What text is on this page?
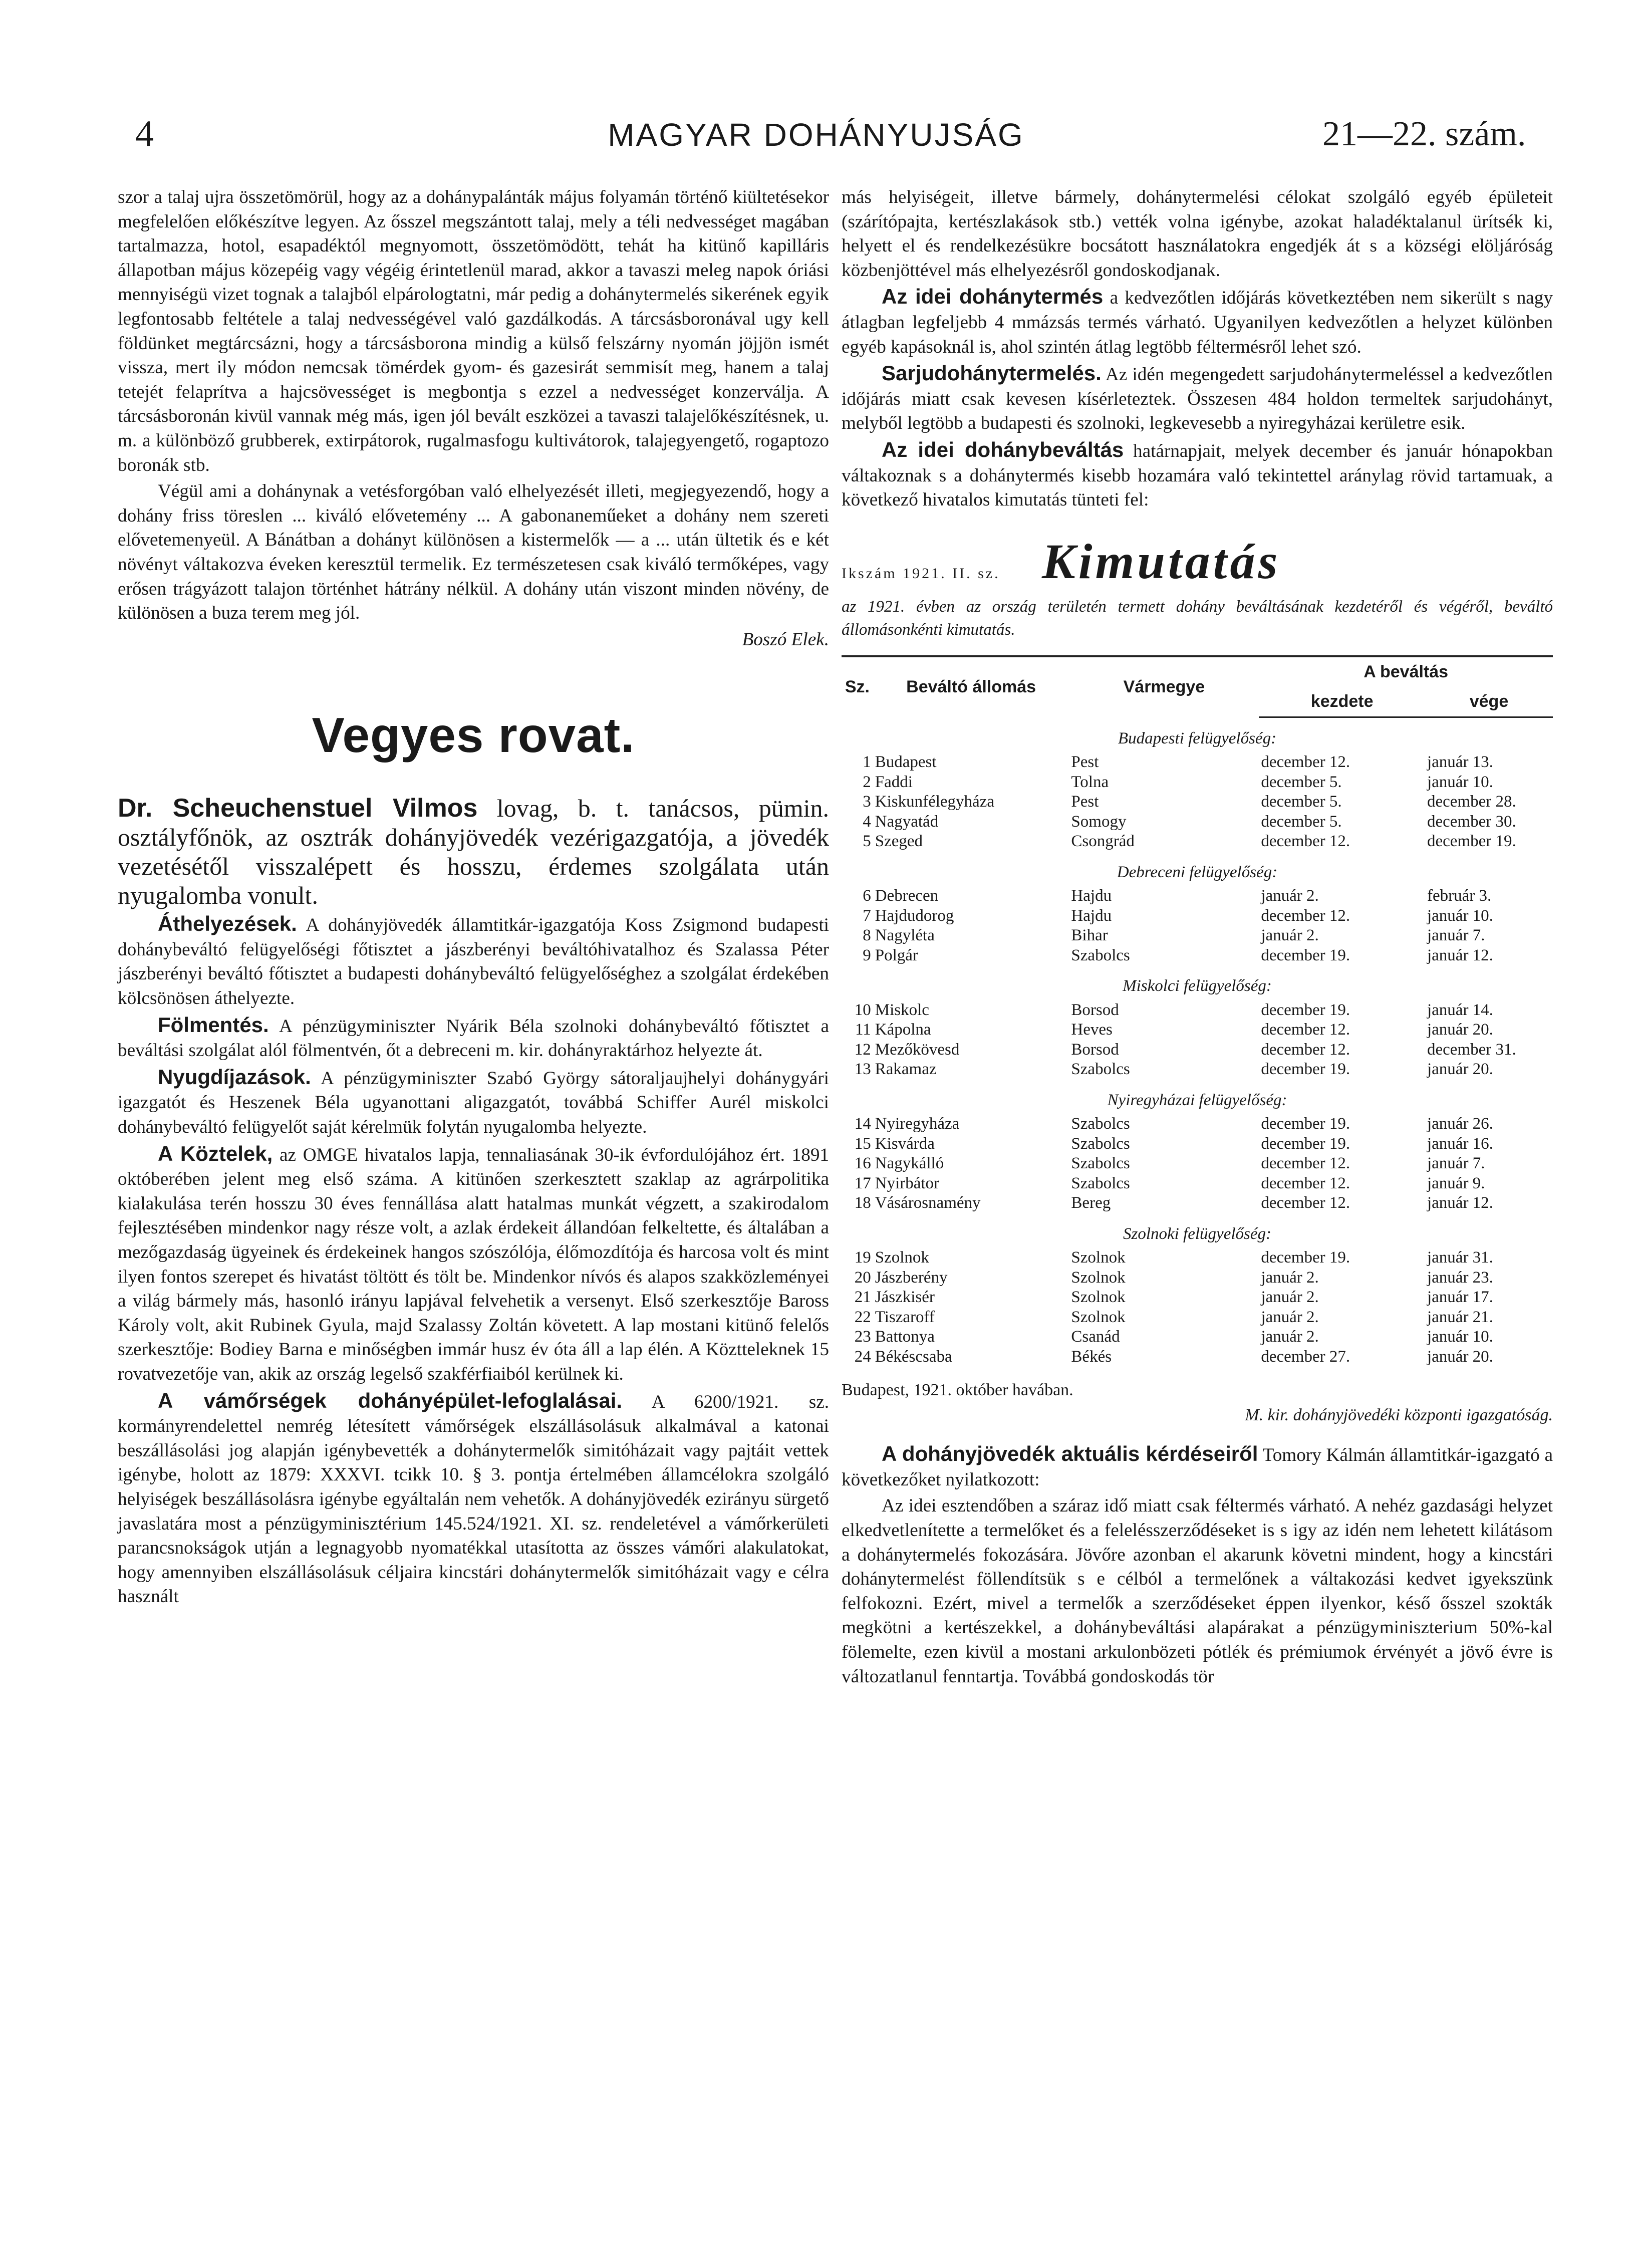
4	MAGYAR DOHÁNYUJSÁG	21—22. szám.

szor a talaj ujra összetömörül, hogy az a dohánypalánták május folyamán történő kiültetésekor megfelelően előkészítve legyen. Az ősszel megszántott talaj, mely a téli nedvességet magában tartalmazza, hotol, esapadéktól megnyomott, összetömödött, tehát ha kitünő kapilláris állapotban május közepéig vagy végéig érintetlenül marad, akkor a tavaszi meleg napok óriási mennyiségü vizet tognak a talajból elpárologtatni, már pedig a dohánytermelés sikerének egyik legfontosabb feltétele a talaj nedvességével való gazdálkodás. A tárcsásboronával ugy kell földünket megtárcsázni, hogy a tárcsásborona mindig a külső felszárny nyomán jöjjön ismét vissza, mert ily módon nemcsak tömérdek gyom- és gazesirát semmisít meg, hanem a talaj tetejét felaprítva a hajcsövességet is megbontja s ezzel a nedvességet konzerválja. A tárcsásboronán kivül vannak még más, igen jól bevált eszközei a tavaszi talajelőkészítésnek, u. m. a különböző grubberek, extirpátorok, rugalmasfogu kultivátorok, talajegyengető, rogaptozo boronák stb.

Végül ami a dohánynak a vetésforgóban való elhelyezését illeti, megjegyezendő, hogy a dohány friss töreslen ... kiváló elővetemény ... A gabonaneműeket a dohány nem szereti elővetemenyeül. A Bánátban a dohányt különösen a kistermelők — a ... után ültetik és e két növényt váltakozva éveken keresztül termelik. Ez természetesen csak kiváló termőképes, vagy erősen trágyázott talajon történhet hátrány nélkül. A dohány után viszont minden növény, de különösen a buza terem meg jól.

Boszó Elek.

Vegyes rovat.

Dr. Scheuchenstuel Vilmos lovag, b. t. tanácsos, pümin. osztályfőnök, az osztrák dohányjövedék vezérigazgatója, a jövedék vezetésétől visszalépett és hosszu, érdemes szolgálata után nyugalomba vonult.

Áthelyezések. A dohányjövedék államtitkár-igazgatója Koss Zsigmond budapesti dohánybeváltó felügyelőségi főtisztet a jászberényi beváltóhivatalhoz és Szalassa Péter jászberényi beváltó főtisztet a budapesti dohánybeváltó felügyelőséghez a szolgálat érdekében kölcsönösen áthelyezte.

Fölmentés. A pénzügyminiszter Nyárik Béla szolnoki dohánybeváltó főtisztet a beváltási szolgálat alól fölmentvén, őt a debreceni m. kir. dohányraktárhoz helyezte át.

Nyugdíjazások. A pénzügyminiszter Szabó György sátoraljaujhelyi dohánygyári igazgatót és Heszenek Béla ugyanottani aligazgatót, továbbá Schiffer Aurél miskolci dohánybeváltó felügyelőt saját kérelmük folytán nyugalomba helyezte.

A Köztelek, az OMGE hivatalos lapja, tennaliasának 30-ik évfordulójához ért. 1891 októberében jelent meg első száma. A kitünően szerkesztett szaklap az agrárpolitika kialakulása terén hosszu 30 éves fennállása alatt hatalmas munkát végzett, a szakirodalom fejlesztésében mindenkor nagy része volt, a azlak érdekeit állandóan felkeltette, és általában a mezőgazdaság ügyeinek és érdekeinek hangos szószólója, élőmozdítója és harcosa volt és mint ilyen fontos szerepet és hivatást töltött és tölt be. Mindenkor nívós és alapos szakközleményei a világ bármely más, hasonló irányu lapjával felvehetik a versenyt. Első szerkesztője Baross Károly volt, akit Rubinek Gyula, majd Szalassy Zoltán követett. A lap mostani kitünő felelős szerkesztője: Bodiey Barna e minőségben immár husz év óta áll a lap élén. A Köztteleknek 15 rovatvezetője van, akik az ország legelső szakférfiaiból kerülnek ki.

A vámőrségek dohányépület-lefoglalásai. A 6200/1921. sz. kormányrendelettel nemrég létesített vámőrségek elszállásolásuk alkalmával a katonai beszállásolási jog alapján igénybevették a dohánytermelők simitóházait vagy pajtáit vettek igénybe, holott az 1879: XXXVI. tcikk 10. § 3. pontja értelmében államcélokra szolgáló helyiségek beszállásolásra igénybe egyáltalán nem vehetők. A dohányjövedék ezirányu sürgető javaslatára most a pénzügyminisztérium 145.524/1921. XI. sz. rendeletével a vámőrkerületi parancsnokságok utján a legnagyobb nyomatékkal utasította az összes vámőri alakulatokat, hogy amennyiben elszállásolásuk céljaira kincstári dohánytermelők simitóházait vagy e célra használt

más helyiségeit, illetve bármely, dohánytermelési célokat szolgáló egyéb épületeit (szárítópajta, kertészlakások stb.) vették volna igénybe, azokat haladéktalanul ürítsék ki, helyett el és rendelkezésükre bocsátott használatokra engedjék át s a községi elöljáróság közbenjöttével más elhelyezésről gondoskodjanak.

Az idei dohánytermés a kedvezőtlen időjárás következtében nem sikerült s nagy átlagban legfeljebb 4 mmázsás termés várható. Ugyanilyen kedvezőtlen a helyzet különben egyéb kapásoknál is, ahol szintén átlag legtöbb féltermésről lehet szó.

Sarjudohánytermelés. Az idén megengedett sarjudohánytermeléssel a kedvezőtlen időjárás miatt csak kevesen kísérleteztek. Összesen 484 holdon termeltek sarjudohányt, melyből legtöbb a budapesti és szolnoki, legkevesebb a nyiregyházai kerületre esik.

Az idei dohánybeváltás határnapjait, melyek december és január hónapokban váltakoznak s a dohánytermés kisebb hozamára való tekintettel aránylag rövid tartamuak, a következő hivatalos kimutatás tünteti fel:

Ikszám 1921. II. sz. Kimutatás

az 1921. évben az ország területén termett dohány beváltásának kezdetéről és végéről, beváltó állomásonkénti kimutatás.

Sz.	Beváltó állomás	Vármegye	A beváltás	
			kezdete	vége
Budapesti felügyelőség:				
1	Budapest	Pest	december 12.	január 13.
2	Faddi	Tolna	december 5.	január 10.
3	Kiskunfélegyháza	Pest	december 5.	december 28.
4	Nagyatád	Somogy	december 5.	december 30.
5	Szeged	Csongrád	december 12.	december 19.
Debreceni felügyelőség:				
6	Debrecen	Hajdu	január 2.	február 3.
7	Hajdudorog	Hajdu	december 12.	január 10.
8	Nagyléta	Bihar	január 2.	január 7.
9	Polgár	Szabolcs	december 19.	január 12.
Miskolci felügyelőség:				
10	Miskolc	Borsod	december 19.	január 14.
11	Kápolna	Heves	december 12.	január 20.
12	Mezőkövesd	Borsod	december 12.	december 31.
13	Rakamaz	Szabolcs	december 19.	január 20.
Nyiregyházai felügyelőség:				
14	Nyiregyháza	Szabolcs	december 19.	január 26.
15	Kisvárda	Szabolcs	december 19.	január 16.
16	Nagykálló	Szabolcs	december 12.	január 7.
17	Nyirbátor	Szabolcs	december 12.	január 9.
18	Vásárosnamény	Bereg	december 12.	január 12.
Szolnoki felügyelőség:				
19	Szolnok	Szolnok	december 19.	január 31.
20	Jászberény	Szolnok	január 2.	január 23.
21	Jászkisér	Szolnok	január 2.	január 17.
22	Tiszaroff	Szolnok	január 2.	január 21.
23	Battonya	Csanád	január 2.	január 10.
24	Békéscsaba	Békés	december 27.	január 20.

Budapest, 1921. október havában.

M. kir. dohányjövedéki központi igazgatóság.

A dohányjövedék aktuális kérdéseiről Tomory Kálmán államtitkár-igazgató a következőket nyilatkozott:

Az idei esztendőben a száraz idő miatt csak féltermés várható. A nehéz gazdasági helyzet elkedvetlenítette a termelőket és a felelésszerződéseket is s igy az idén nem lehetett kilátásom a dohánytermelés fokozására. Jövőre azonban el akarunk követni mindent, hogy a kincstári dohánytermelést föllendítsük s e célból a termelőnek a váltakozási kedvet igyekszünk felfokozni. Ezért, mivel a termelők a szerződéseket éppen ilyenkor, késő ősszel szokták megkötni a kertészekkel, a dohánybeváltási alapárakat a pénzügyminiszterium 50%-kal fölemelte, ezen kivül a mostani arkulonbözeti pótlék és prémiumok érvényét a jövő évre is változatlanul fenntartja. Továbbá gondoskodás tör
